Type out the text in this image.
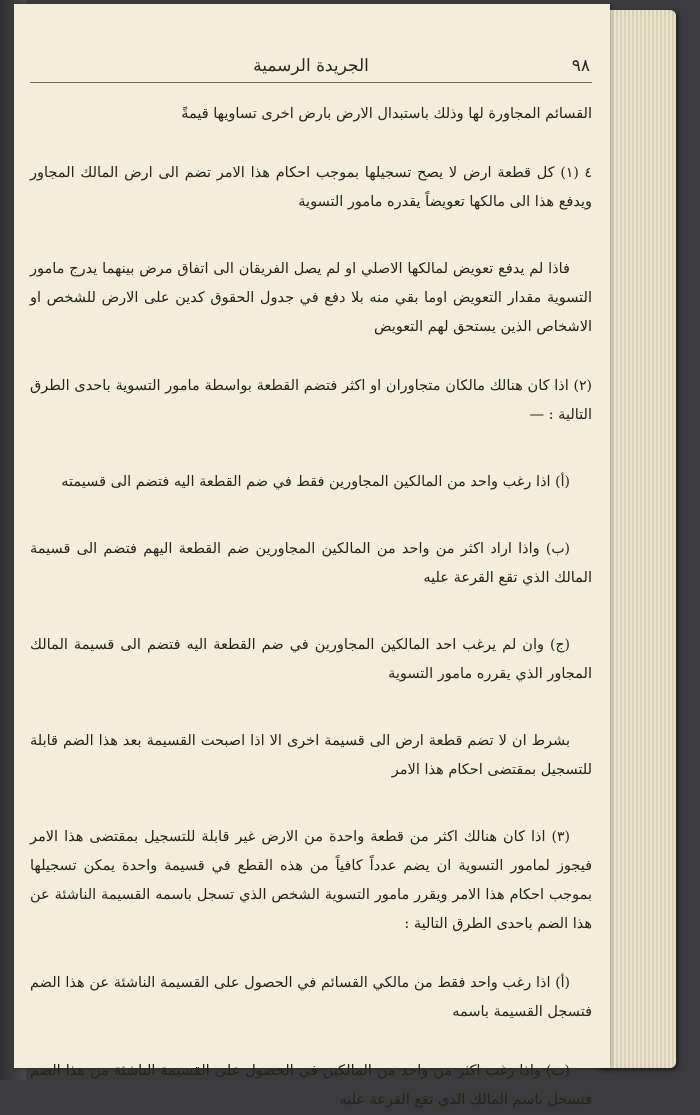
الجريدة الرسمية	٩٨

القسائم المجاورة لها وذلك باستبدال الارض بارض اخرى تساويها قيمةً

٤ (١) كل قطعة ارض لا يصح تسجيلها بموجب احكام هذا الامر تضم الى ارض المالك المجاور ويدفع هذا الى مالكها تعويضاً يقدره مامور التسوية

فاذا لم يدفع تعويض لمالكها الاصلي او لم يصل الفريقان الى اتفاق مرض بينهما يدرج مامور التسوية مقدار التعويض اوما بقي منه بلا دفع في جدول الحقوق كدين على الارض للشخص او الاشخاص الذين يستحق لهم التعويض

(٢) اذا كان هنالك مالكان متجاوران او اكثر فتضم القطعة بواسطة مامور التسوية باحدى الطرق التالية : —

(أ) اذا رغب واحد من المالكين المجاورين فقط في ضم القطعة اليه فتضم الى قسيمته

(ب) واذا اراد اكثر من واحد من المالكين المجاورين ضم القطعة اليهم فتضم الى قسيمة المالك الذي تقع القرعة عليه

(ج) وان لم يرغب احد المالكين المجاورين في ضم القطعة اليه فتضم الى قسيمة المالك المجاور الذي يقرره مامور التسوية

بشرط ان لا تضم قطعة ارض الى قسيمة اخرى الا اذا اصبحت القسيمة بعد هذا الضم قابلة للتسجيل بمقتضى احكام هذا الامر

(٣) اذا كان هنالك اكثر من قطعة واحدة من الارض غير قابلة للتسجيل بمقتضى هذا الامر فيجوز لمامور التسوية ان يضم عدداً كافياً من هذه القطع في قسيمة واحدة يمكن تسجيلها بموجب احكام هذا الامر ويقرر مامور التسوية الشخص الذي تسجل باسمه القسيمة الناشئة عن هذا الضم باحدى الطرق التالية :

(أ) اذا رغب واحد فقط من مالكي القسائم في الحصول على القسيمة الناشئة عن هذا الضم فتسجل القسيمة باسمه

(ب) واذا رغب اكثر من واحد من المالكين في الحصول على القسيمة الناشئة من هذا الضم فتسجل باسم المالك الذي تقع القرعة عليه
